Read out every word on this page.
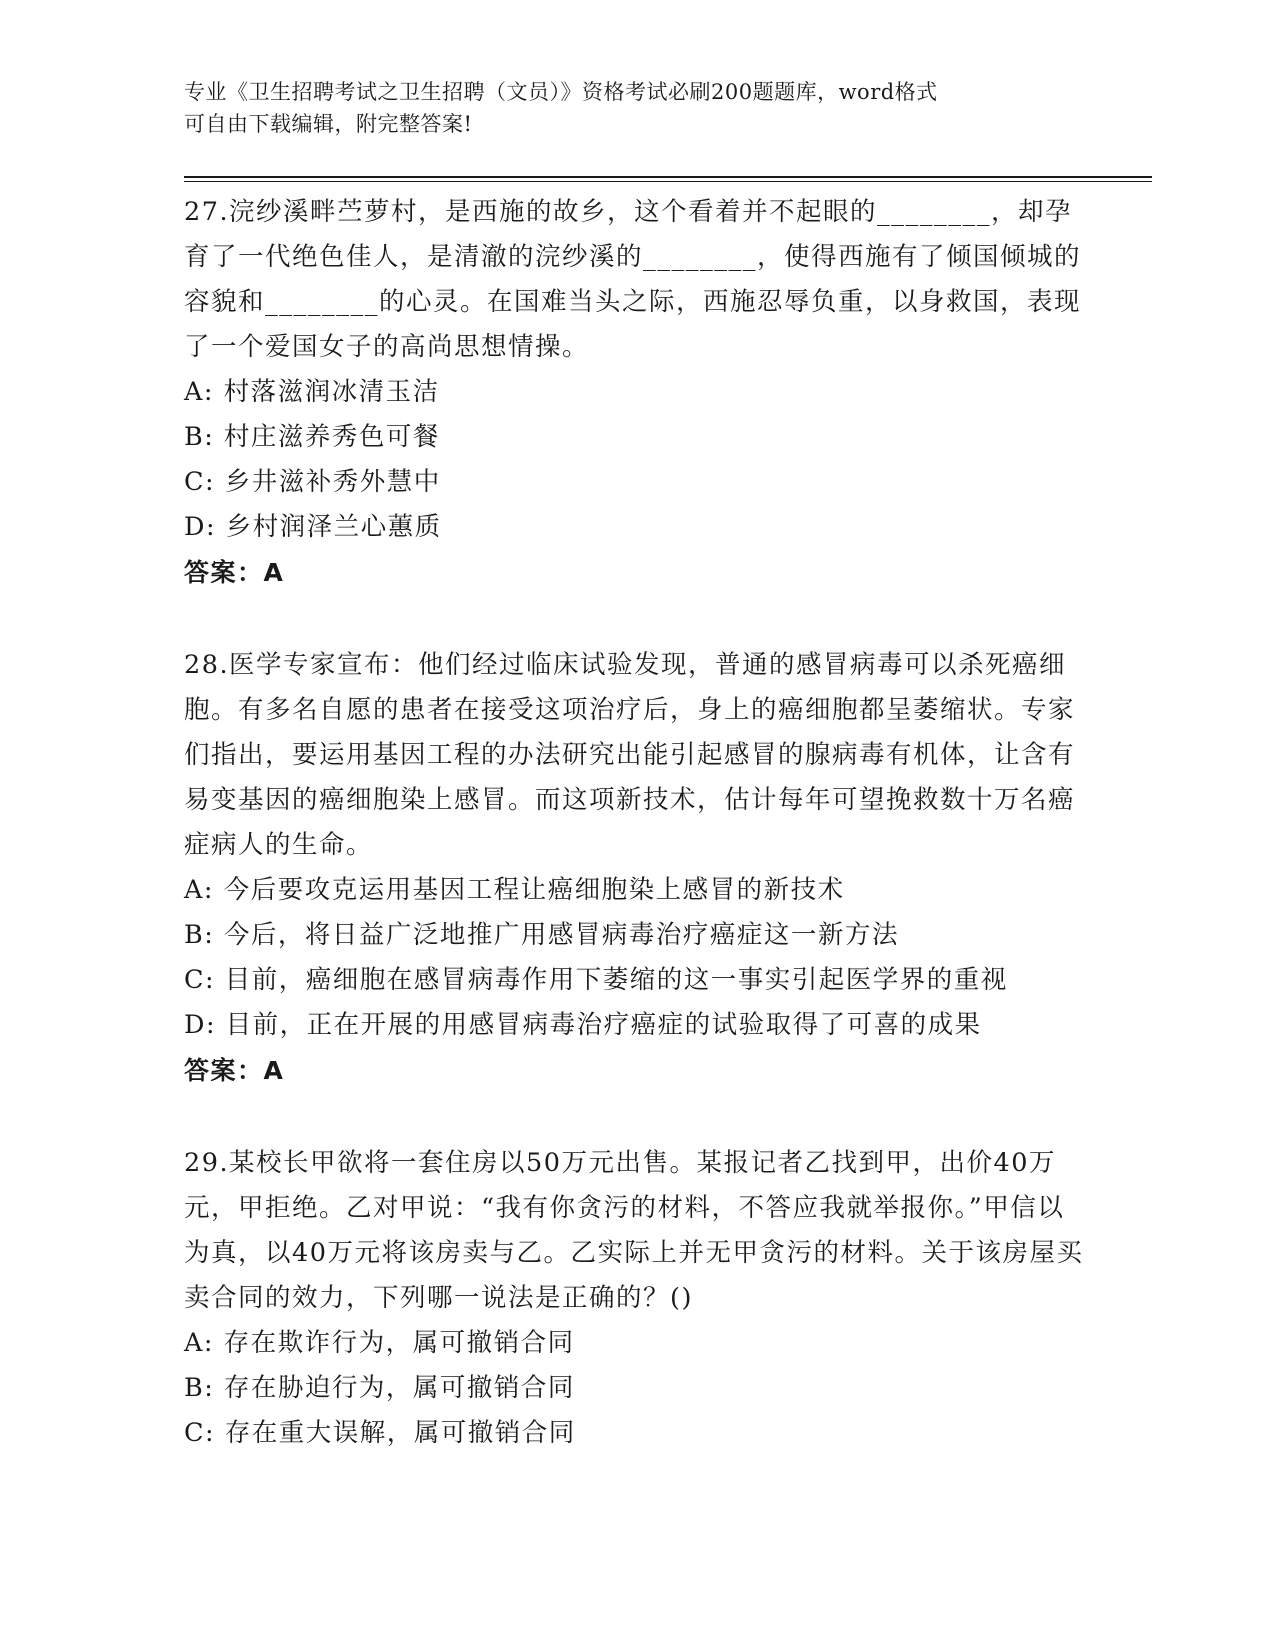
专业《卫生招聘考试之卫生招聘（文员）》资格考试必刷200题题库，word格式
可自由下载编辑，附完整答案!

27.浣纱溪畔苎萝村，是西施的故乡，这个看着并不起眼的________，却孕育了一代绝色佳人，是清澈的浣纱溪的________，使得西施有了倾国倾城的容貌和________的心灵。在国难当头之际，西施忍辱负重，以身救国，表现了一个爱国女子的高尚思想情操。

A: 村落滋润冰清玉洁

B: 村庄滋养秀色可餐

C: 乡井滋补秀外慧中

D: 乡村润泽兰心蕙质

答案：A

28.医学专家宣布：他们经过临床试验发现，普通的感冒病毒可以杀死癌细胞。有多名自愿的患者在接受这项治疗后，身上的癌细胞都呈萎缩状。专家们指出，要运用基因工程的办法研究出能引起感冒的腺病毒有机体，让含有易变基因的癌细胞染上感冒。而这项新技术，估计每年可望挽救数十万名癌症病人的生命。

A: 今后要攻克运用基因工程让癌细胞染上感冒的新技术

B: 今后，将日益广泛地推广用感冒病毒治疗癌症这一新方法

C: 目前，癌细胞在感冒病毒作用下萎缩的这一事实引起医学界的重视

D: 目前，正在开展的用感冒病毒治疗癌症的试验取得了可喜的成果

答案：A

29.某校长甲欲将一套住房以50万元出售。某报记者乙找到甲，出价40万元，甲拒绝。乙对甲说：“我有你贪污的材料，不答应我就举报你。”甲信以为真，以40万元将该房卖与乙。乙实际上并无甲贪污的材料。关于该房屋买卖合同的效力，下列哪一说法是正确的？()

A: 存在欺诈行为，属可撤销合同

B: 存在胁迫行为，属可撤销合同

C: 存在重大误解，属可撤销合同
